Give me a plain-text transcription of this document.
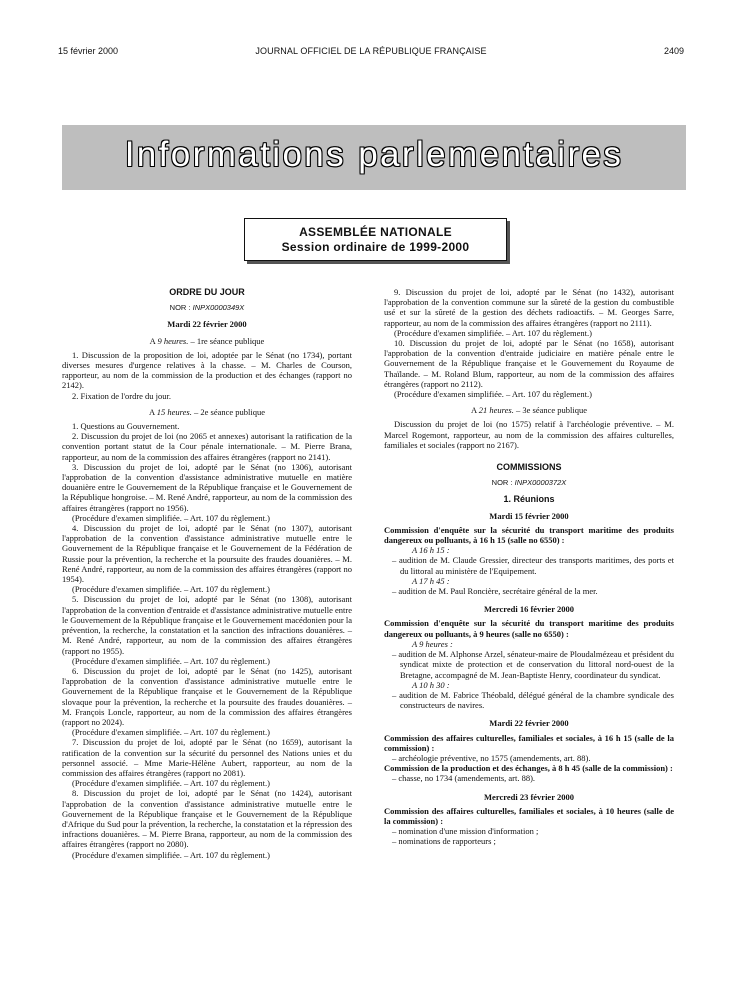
15 février 2000	JOURNAL OFFICIEL DE LA RÉPUBLIQUE FRANÇAISE	2409
Informations parlementaires
ASSEMBLÉE NATIONALE
Session ordinaire de 1999-2000
ORDRE DU JOUR
NOR : INPX0000349X
Mardi 22 février 2000
A 9 heures. – 1re séance publique
1. Discussion de la proposition de loi, adoptée par le Sénat (no 1734), portant diverses mesures d'urgence relatives à la chasse. – M. Charles de Courson, rapporteur, au nom de la commission de la production et des échanges (rapport no 2142).
2. Fixation de l'ordre du jour.
A 15 heures. – 2e séance publique
1. Questions au Gouvernement.
2. Discussion du projet de loi (no 2065 et annexes) autorisant la ratification de la convention portant statut de la Cour pénale internationale. – M. Pierre Brana, rapporteur, au nom de la commission des affaires étrangères (rapport no 2141).
3. Discussion du projet de loi, adopté par le Sénat (no 1306), autorisant l'approbation de la convention d'assistance administrative mutuelle en matière douanière entre le Gouvernement de la République française et le Gouvernement de la République hongroise. – M. René André, rapporteur, au nom de la commission des affaires étrangères (rapport no 1956).
(Procédure d'examen simplifiée. – Art. 107 du règlement.)
4. Discussion du projet de loi, adopté par le Sénat (no 1307), autorisant l'approbation de la convention d'assistance administrative mutuelle entre le Gouvernement de la République française et le Gouvernement de la Fédération de Russie pour la prévention, la recherche et la poursuite des fraudes douanières. – M. René André, rapporteur, au nom de la commission des affaires étrangères (rapport no 1954).
(Procédure d'examen simplifiée. – Art. 107 du règlement.)
5. Discussion du projet de loi, adopté par le Sénat (no 1308), autorisant l'approbation de la convention d'entraide et d'assistance administrative mutuelle entre le Gouvernement de la République française et le Gouvernement macédonien pour la prévention, la recherche, la constatation et la sanction des infractions douanières. – M. René André, rapporteur, au nom de la commission des affaires étrangères (rapport no 1955).
(Procédure d'examen simplifiée. – Art. 107 du règlement.)
6. Discussion du projet de loi, adopté par le Sénat (no 1425), autorisant l'approbation de la convention d'assistance administrative mutuelle entre le Gouvernement de la République française et le Gouvernement de la République slovaque pour la prévention, la recherche et la poursuite des fraudes douanières. – M. François Loncle, rapporteur, au nom de la commission des affaires étrangères (rapport no 2024).
(Procédure d'examen simplifiée. – Art. 107 du règlement.)
7. Discussion du projet de loi, adopté par le Sénat (no 1659), autorisant la ratification de la convention sur la sécurité du personnel des Nations unies et du personnel associé. – Mme Marie-Hélène Aubert, rapporteur, au nom de la commission des affaires étrangères (rapport no 2081).
(Procédure d'examen simplifiée. – Art. 107 du règlement.)
8. Discussion du projet de loi, adopté par le Sénat (no 1424), autorisant l'approbation de la convention d'assistance administrative mutuelle entre le Gouvernement de la République française et le Gouvernement de la République d'Afrique du Sud pour la prévention, la recherche, la constatation et la répression des infractions douanières. – M. Pierre Brana, rapporteur, au nom de la commission des affaires étrangères (rapport no 2080).
(Procédure d'examen simplifiée. – Art. 107 du règlement.)
9. Discussion du projet de loi, adopté par le Sénat (no 1432), autorisant l'approbation de la convention commune sur la sûreté de la gestion du combustible usé et sur la sûreté de la gestion des déchets radioactifs. – M. Georges Sarre, rapporteur, au nom de la commission des affaires étrangères (rapport no 2111).
(Procédure d'examen simplifiée. – Art. 107 du règlement.)
10. Discussion du projet de loi, adopté par le Sénat (no 1658), autorisant l'approbation de la convention d'entraide judiciaire en matière pénale entre le Gouvernement de la République française et le Gouvernement du Royaume de Thaïlande. – M. Roland Blum, rapporteur, au nom de la commission des affaires étrangères (rapport no 2112).
(Procédure d'examen simplifiée. – Art. 107 du règlement.)
A 21 heures. – 3e séance publique
Discussion du projet de loi (no 1575) relatif à l'archéologie préventive. – M. Marcel Rogemont, rapporteur, au nom de la commission des affaires culturelles, familiales et sociales (rapport no 2167).
COMMISSIONS
NOR : INPX0000372X
1. Réunions
Mardi 15 février 2000
Commission d'enquête sur la sécurité du transport maritime des produits dangereux ou polluants, à 16 h 15 (salle no 6550) :
A 16 h 15 :
– audition de M. Claude Gressier, directeur des transports maritimes, des ports et du littoral au ministère de l'Equipement.
A 17 h 45 :
– audition de M. Paul Roncière, secrétaire général de la mer.
Mercredi 16 février 2000
Commission d'enquête sur la sécurité du transport maritime des produits dangereux ou polluants, à 9 heures (salle no 6550) :
A 9 heures :
– audition de M. Alphonse Arzel, sénateur-maire de Ploudalmézeau et président du syndicat mixte de protection et de conservation du littoral nord-ouest de la Bretagne, accompagné de M. Jean-Baptiste Henry, coordinateur du syndicat.
A 10 h 30 :
– audition de M. Fabrice Théobald, délégué général de la chambre syndicale des constructeurs de navires.
Mardi 22 février 2000
Commission des affaires culturelles, familiales et sociales, à 16 h 15 (salle de la commission) :
– archéologie préventive, no 1575 (amendements, art. 88).
Commission de la production et des échanges, à 8 h 45 (salle de la commission) :
– chasse, no 1734 (amendements, art. 88).
Mercredi 23 février 2000
Commission des affaires culturelles, familiales et sociales, à 10 heures (salle de la commission) :
– nomination d'une mission d'information ;
– nominations de rapporteurs ;
